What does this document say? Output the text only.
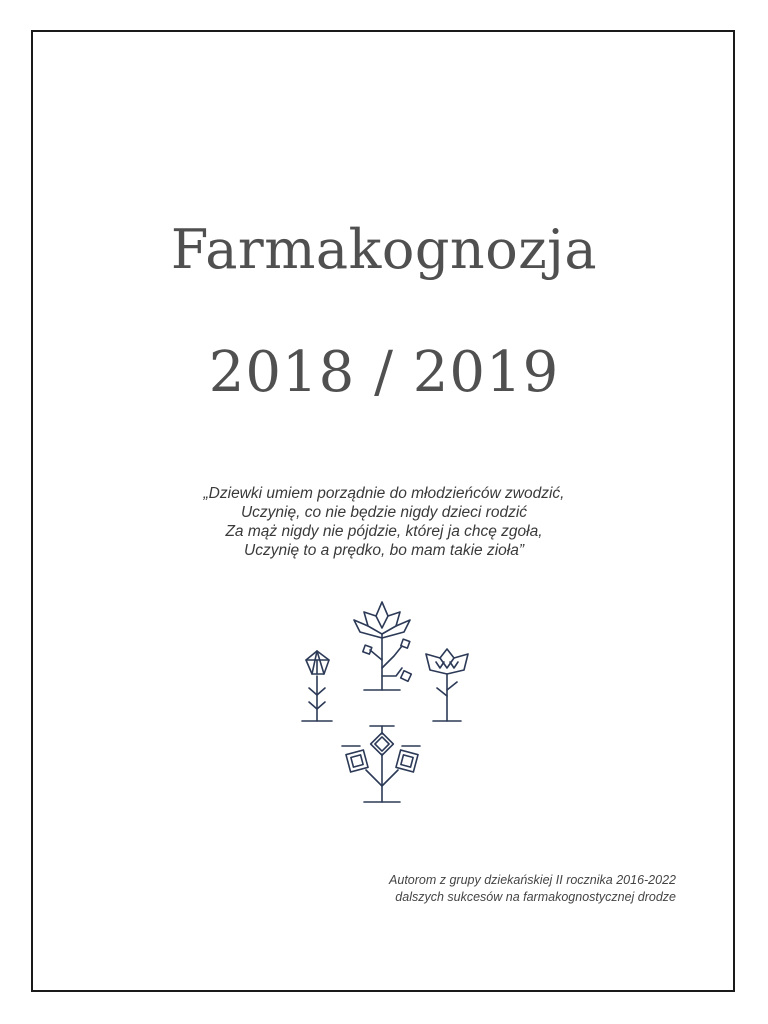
Farmakognozja
2018 / 2019
„Dziewki umiem porządnie do młodzieńców zwodzić,
Uczynię, co nie będzie nigdy dzieci rodzić
Za mąż nigdy nie pójdzie, której ja chcę zgoła,
Uczynię to a prędko, bo mam takie zioła”
Autorom z grupy dziekańskiej II rocznika 2016-2022
dalszych sukcesów na farmakognostycznej drodze
